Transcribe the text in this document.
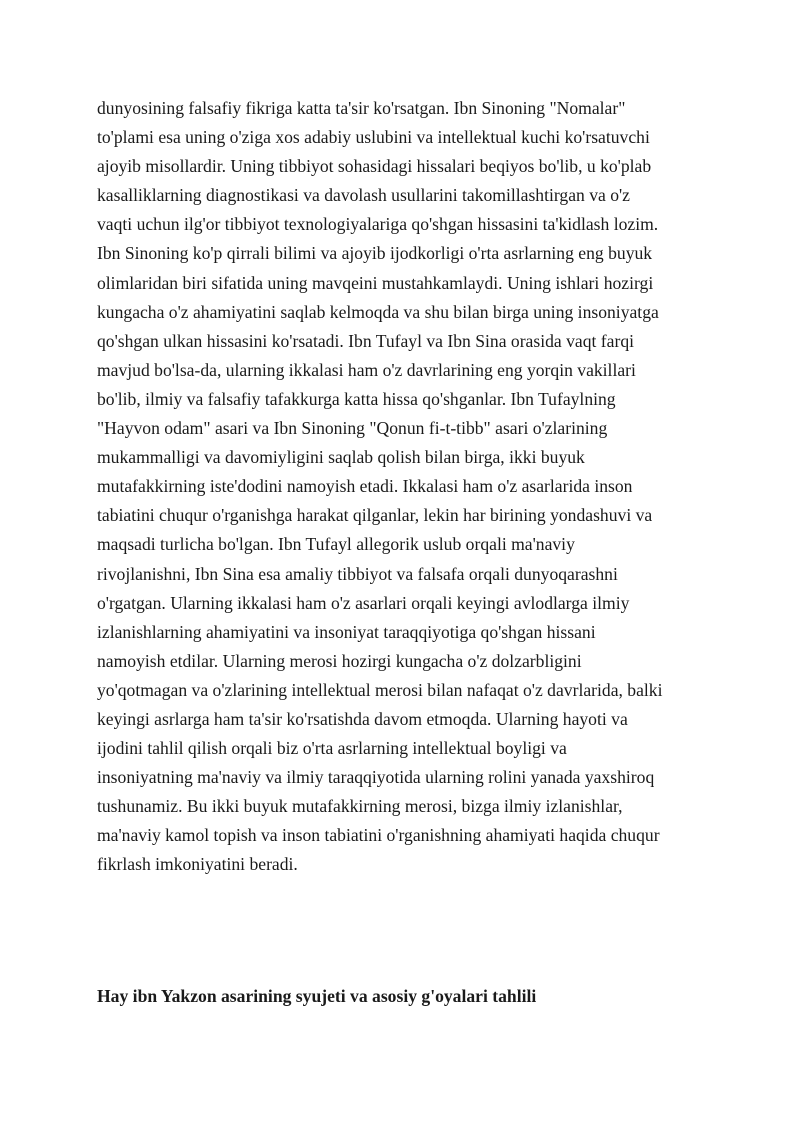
dunyosining falsafiy fikriga katta ta'sir ko'rsatgan. Ibn Sinoning "Nomalar"
to'plami esa uning o'ziga xos adabiy uslubini va intellektual kuchi ko'rsatuvchi
ajoyib misollardir. Uning tibbiyot sohasidagi hissalari beqiyos bo'lib, u ko'plab
kasalliklarning diagnostikasi va davolash usullarini takomillashtirgan va o'z
vaqti uchun ilg'or tibbiyot texnologiyalariga qo'shgan hissasini ta'kidlash lozim.
Ibn Sinoning ko'p qirrali bilimi va ajoyib ijodkorligi o'rta asrlarning eng buyuk
olimlaridan biri sifatida uning mavqeini mustahkamlaydi. Uning ishlari hozirgi
kungacha o'z ahamiyatini saqlab kelmoqda va shu bilan birga uning insoniyatga
qo'shgan ulkan hissasini ko'rsatadi. Ibn Tufayl va Ibn Sina orasida vaqt farqi
mavjud bo'lsa-da, ularning ikkalasi ham o'z davrlarining eng yorqin vakillari
bo'lib, ilmiy va falsafiy tafakkurga katta hissa qo'shganlar. Ibn Tufaylning
"Hayvon odam" asari va Ibn Sinoning "Qonun fi-t-tibb" asari o'zlarining
mukammalligi va davomiyligini saqlab qolish bilan birga, ikki buyuk
mutafakkirning iste'dodini namoyish etadi. Ikkalasi ham o'z asarlarida inson
tabiatini chuqur o'rganishga harakat qilganlar, lekin har birining yondashuvi va
maqsadi turlicha bo'lgan. Ibn Tufayl allegorik uslub orqali ma'naviy
rivojlanishni, Ibn Sina esa amaliy tibbiyot va falsafa orqali dunyoqarashni
o'rgatgan. Ularning ikkalasi ham o'z asarlari orqali keyingi avlodlarga ilmiy
izlanishlarning ahamiyatini va insoniyat taraqqiyotiga qo'shgan hissani
namoyish etdilar. Ularning merosi hozirgi kungacha o'z dolzarbligini
yo'qotmagan va o'zlarining intellektual merosi bilan nafaqat o'z davrlarida, balki
keyingi asrlarga ham ta'sir ko'rsatishda davom etmoqda. Ularning hayoti va
ijodini tahlil qilish orqali biz o'rta asrlarning intellektual boyligi va
insoniyatning ma'naviy va ilmiy taraqqiyotida ularning rolini yanada yaxshiroq
tushunamiz. Bu ikki buyuk mutafakkirning merosi, bizga ilmiy izlanishlar,
ma'naviy kamol topish va inson tabiatini o'rganishning ahamiyati haqida chuqur
fikrlash imkoniyatini beradi.

Hay ibn Yakzon asarining syujeti va asosiy g'oyalari tahlili
